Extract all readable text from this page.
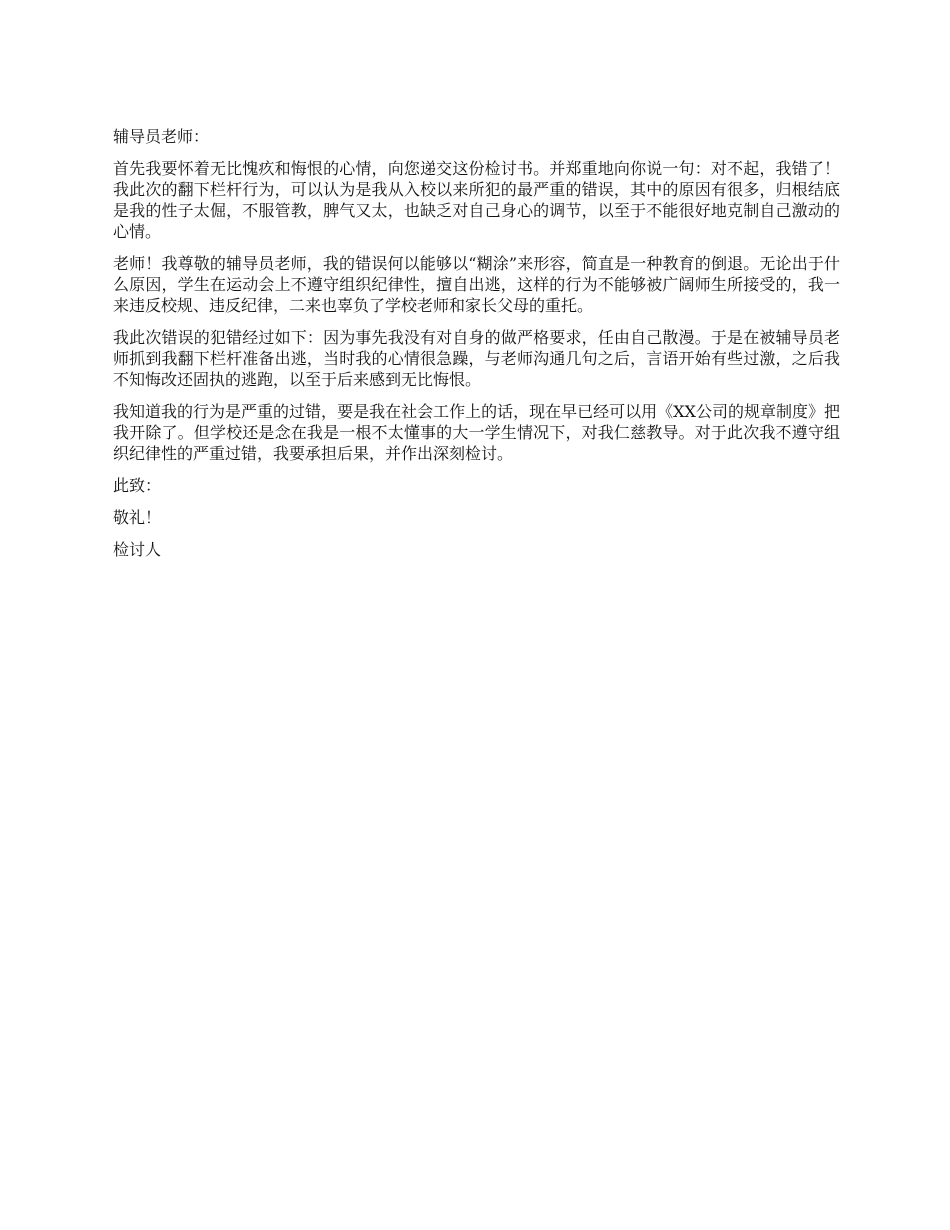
辅导员老师：

首先我要怀着无比愧疚和悔恨的心情，向您递交这份检讨书。并郑重地向你说一句：对不起，我错了！我此次的翻下栏杆行为，可以认为是我从入校以来所犯的最严重的错误，其中的原因有很多，归根结底是我的性子太倔，不服管教，脾气又太，也缺乏对自己身心的调节，以至于不能很好地克制自己激动的心情。

老师！我尊敬的辅导员老师，我的错误何以能够以“糊涂”来形容，简直是一种教育的倒退。无论出于什么原因，学生在运动会上不遵守组织纪律性，擅自出逃，这样的行为不能够被广阔师生所接受的，我一来违反校规、违反纪律，二来也辜负了学校老师和家长父母的重托。

我此次错误的犯错经过如下：因为事先我没有对自身的做严格要求，任由自己散漫。于是在被辅导员老师抓到我翻下栏杆准备出逃，当时我的心情很急躁，与老师沟通几句之后，言语开始有些过激，之后我不知悔改还固执的逃跑，以至于后来感到无比悔恨。

我知道我的行为是严重的过错，要是我在社会工作上的话，现在早已经可以用《XX公司的规章制度》把我开除了。但学校还是念在我是一根不太懂事的大一学生情况下，对我仁慈教导。对于此次我不遵守组织纪律性的严重过错，我要承担后果，并作出深刻检讨。

此致：

敬礼！

检讨人
